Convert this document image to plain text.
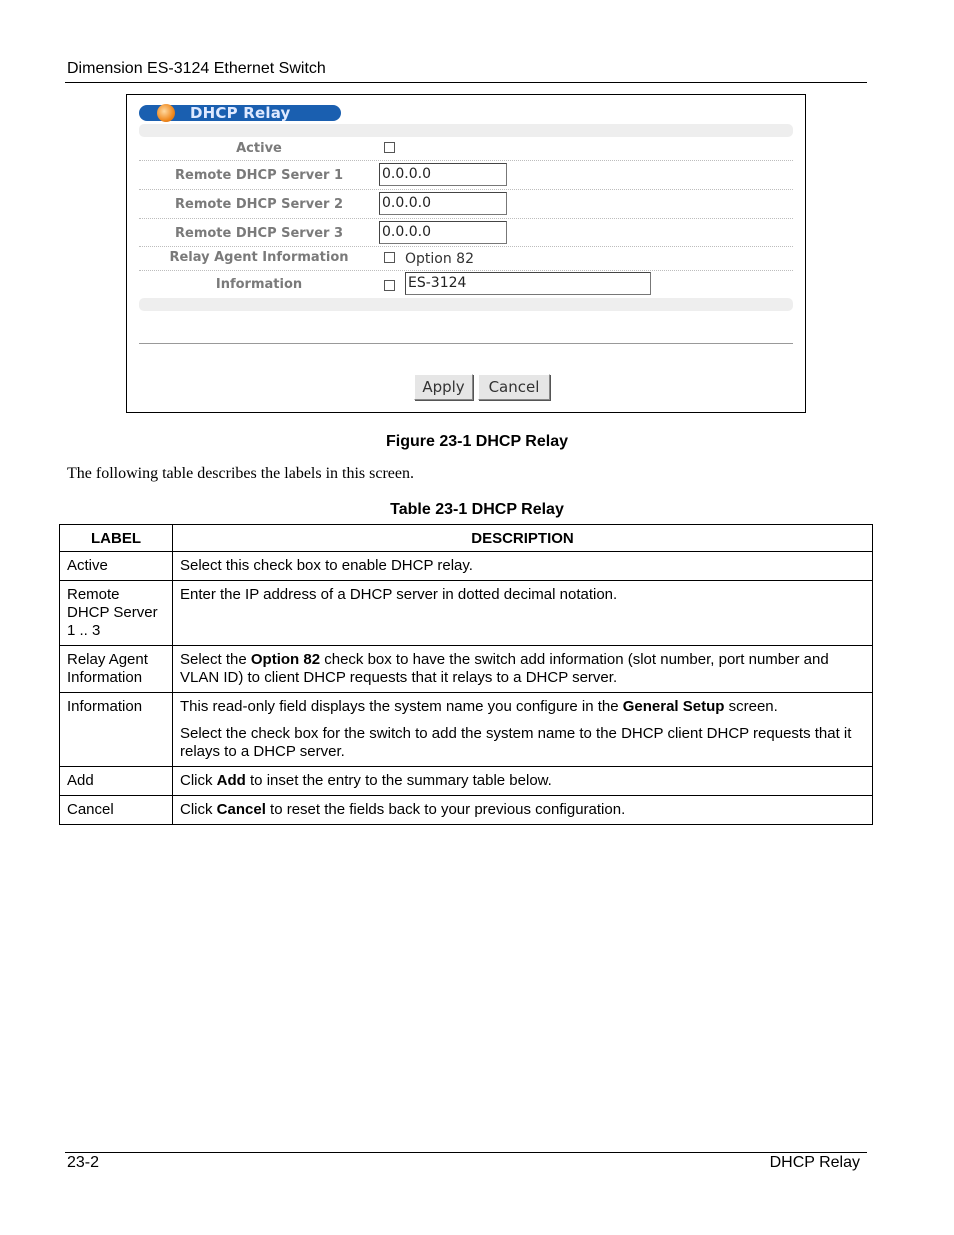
Dimension ES-3124 Ethernet Switch
DHCP Relay
Active
Remote DHCP Server 1	0.0.0.0
Remote DHCP Server 2	0.0.0.0
Remote DHCP Server 3	0.0.0.0
Relay Agent Information	Option 82
Information	ES-3124
Apply	Cancel
Figure 23-1 DHCP Relay
The following table describes the labels in this screen.
Table 23-1 DHCP Relay
LABEL	DESCRIPTION
Active	Select this check box to enable DHCP relay.
Remote DHCP Server 1 .. 3	Enter the IP address of a DHCP server in dotted decimal notation.
Relay Agent Information	Select the Option 82 check box to have the switch add information (slot number, port number and VLAN ID) to client DHCP requests that it relays to a DHCP server.
Information	This read-only field displays the system name you configure in the General Setup screen.

Select the check box for the switch to add the system name to the DHCP client DHCP requests that it relays to a DHCP server.

Add	Click Add to inset the entry to the summary table below.
Cancel	Click Cancel to reset the fields back to your previous configuration.
23-2	DHCP Relay
